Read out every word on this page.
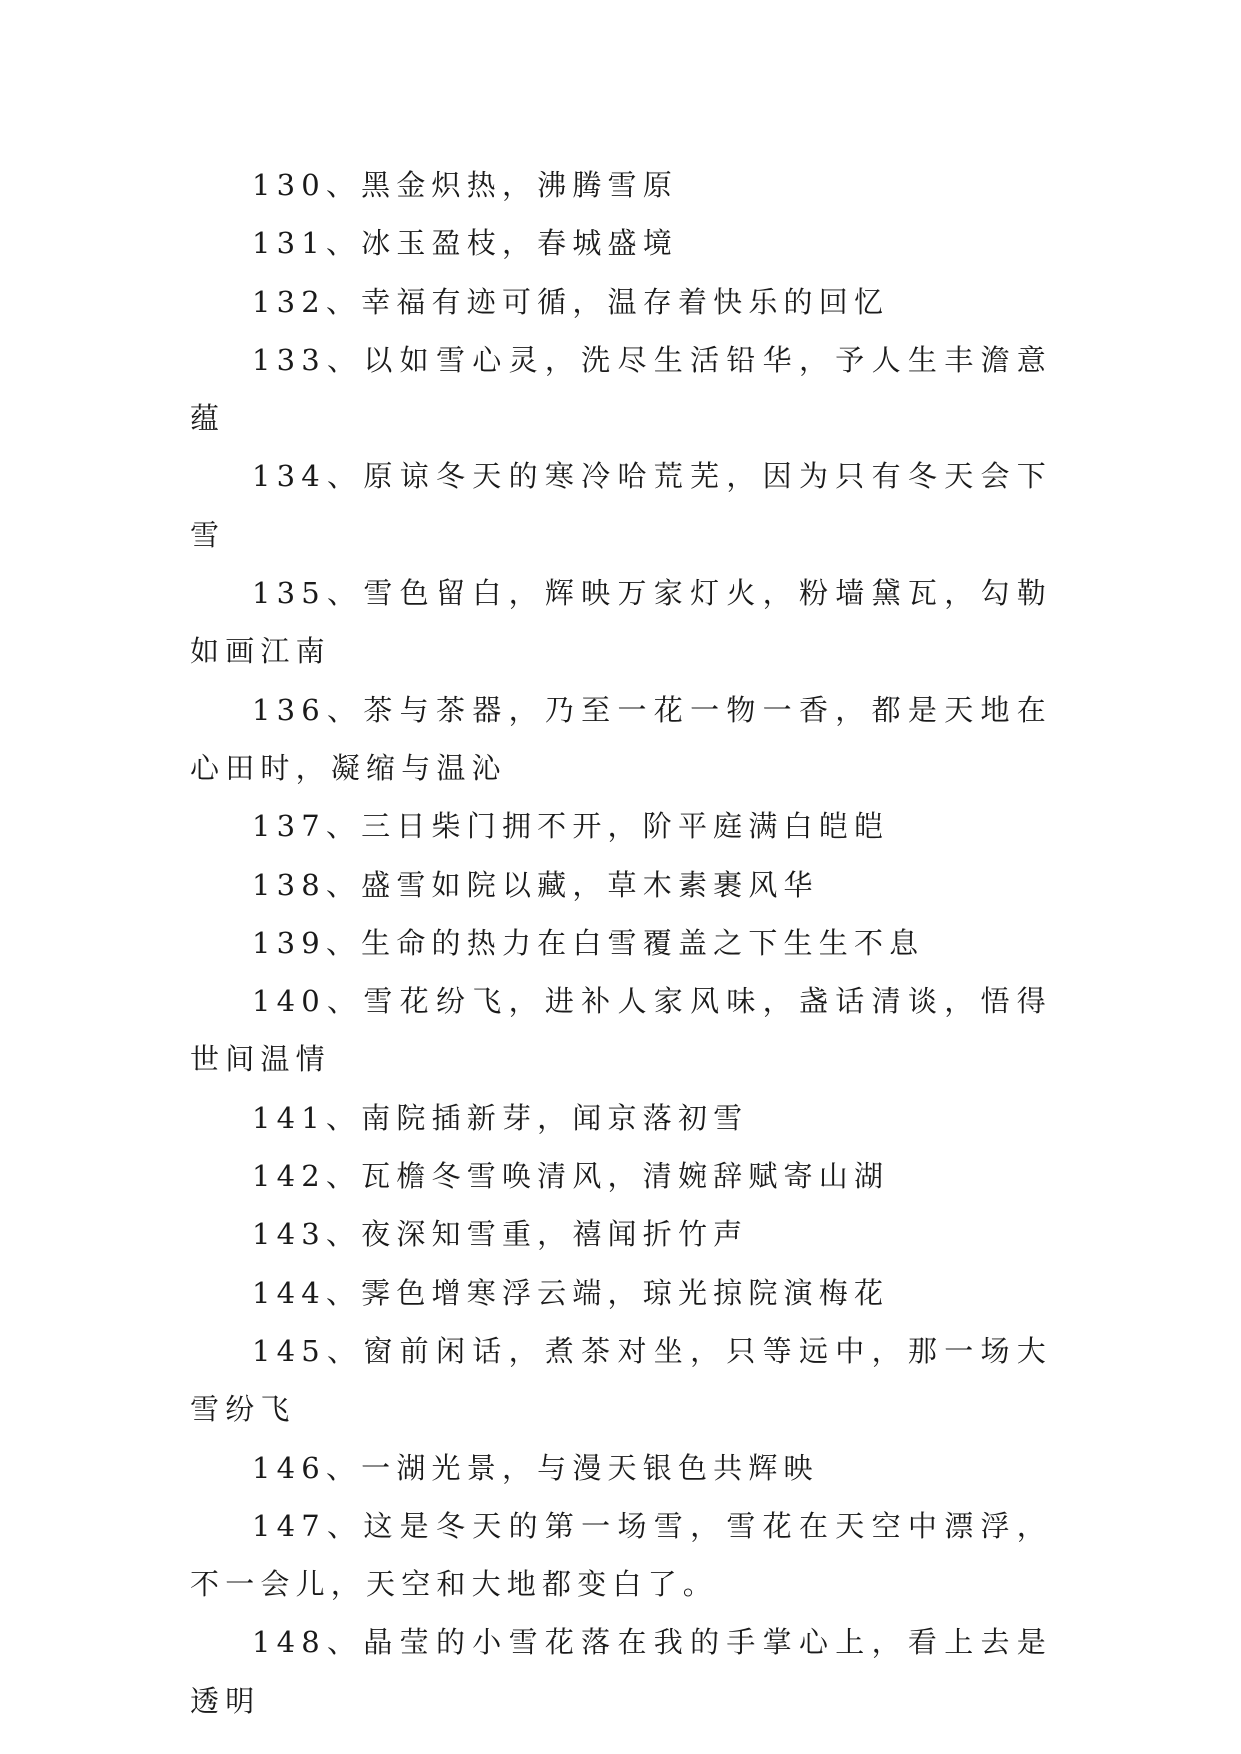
130、黑金炽热，沸腾雪原

131、冰玉盈枝，春城盛境

132、幸福有迹可循，温存着快乐的回忆

133、以如雪心灵，洗尽生活铅华，予人生丰澹意蕴

134、原谅冬天的寒冷哈荒芜，因为只有冬天会下雪

135、雪色留白，辉映万家灯火，粉墙黛瓦，勾勒如画江南

136、茶与茶器，乃至一花一物一香，都是天地在心田时，凝缩与温沁

137、三日柴门拥不开，阶平庭满白皑皑

138、盛雪如院以藏，草木素裹风华

139、生命的热力在白雪覆盖之下生生不息

140、雪花纷飞，进补人家风味，盏话清谈，悟得世间温情

141、南院插新芽，闻京落初雪

142、瓦檐冬雪唤清风，清婉辞赋寄山湖

143、夜深知雪重，禧闻折竹声

144、霁色增寒浮云端，琼光掠院演梅花

145、窗前闲话，煮茶对坐，只等远中，那一场大雪纷飞

146、一湖光景，与漫天银色共辉映

147、这是冬天的第一场雪，雪花在天空中漂浮，不一会儿，天空和大地都变白了。

148、晶莹的小雪花落在我的手掌心上，看上去是透明
